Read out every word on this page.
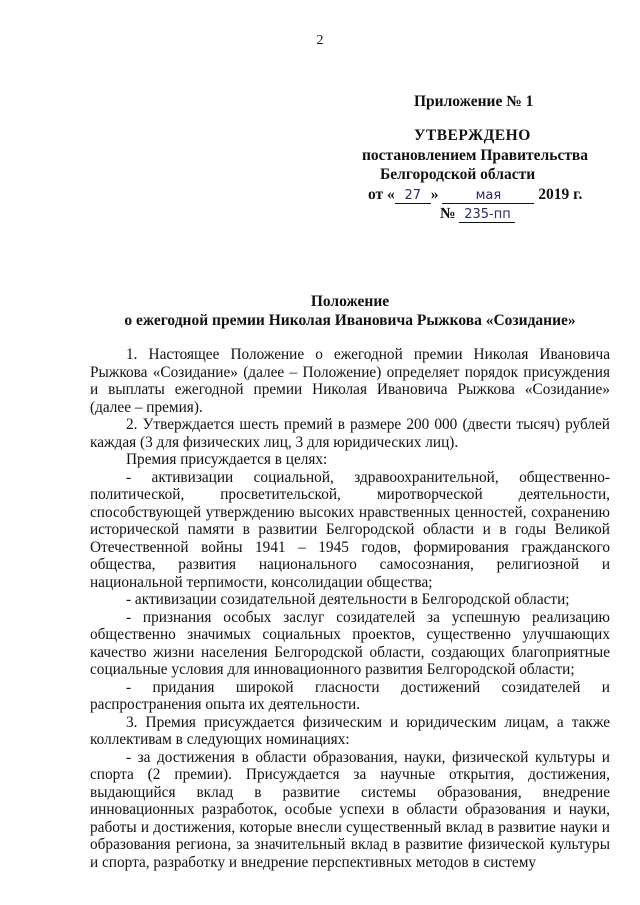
2
Приложение № 1
УТВЕРЖДЕНО
постановлением Правительства
Белгородской области
от « 27 »	мая 2019 г.
№ 235-пп
Положение
о ежегодной премии Николая Ивановича Рыжкова «Созидание»

1. Настоящее Положение о ежегодной премии Николая Ивановича Рыжкова «Созидание» (далее – Положение) определяет порядок присуждения и выплаты ежегодной премии Николая Ивановича Рыжкова «Созидание» (далее – премия).

2. Утверждается шесть премий в размере 200 000 (двести тысяч) рублей каждая (3 для физических лиц, 3 для юридических лиц).

Премия присуждается в целях:

- активизации социальной, здравоохранительной, общественно-политической, просветительской, миротворческой деятельности, способствующей утверждению высоких нравственных ценностей, сохранению исторической памяти в развитии Белгородской области и в годы Великой Отечественной войны 1941 – 1945 годов, формирования гражданского общества, развития национального самосознания, религиозной и национальной терпимости, консолидации общества;

- активизации созидательной деятельности в Белгородской области;

- признания особых заслуг созидателей за успешную реализацию общественно значимых социальных проектов, существенно улучшающих качество жизни населения Белгородской области, создающих благоприятные социальные условия для инновационного развития Белгородской области;

- придания широкой гласности достижений созидателей и распространения опыта их деятельности.

3. Премия присуждается физическим и юридическим лицам, а также коллективам в следующих номинациях:

- за достижения в области образования, науки, физической культуры и спорта (2 премии). Присуждается за научные открытия, достижения, выдающийся вклад в развитие системы образования, внедрение инновационных разработок, особые успехи в области образования и науки, работы и достижения, которые внесли существенный вклад в развитие науки и образования региона, за значительный вклад в развитие физической культуры и спорта, разработку и внедрение перспективных методов в систему
